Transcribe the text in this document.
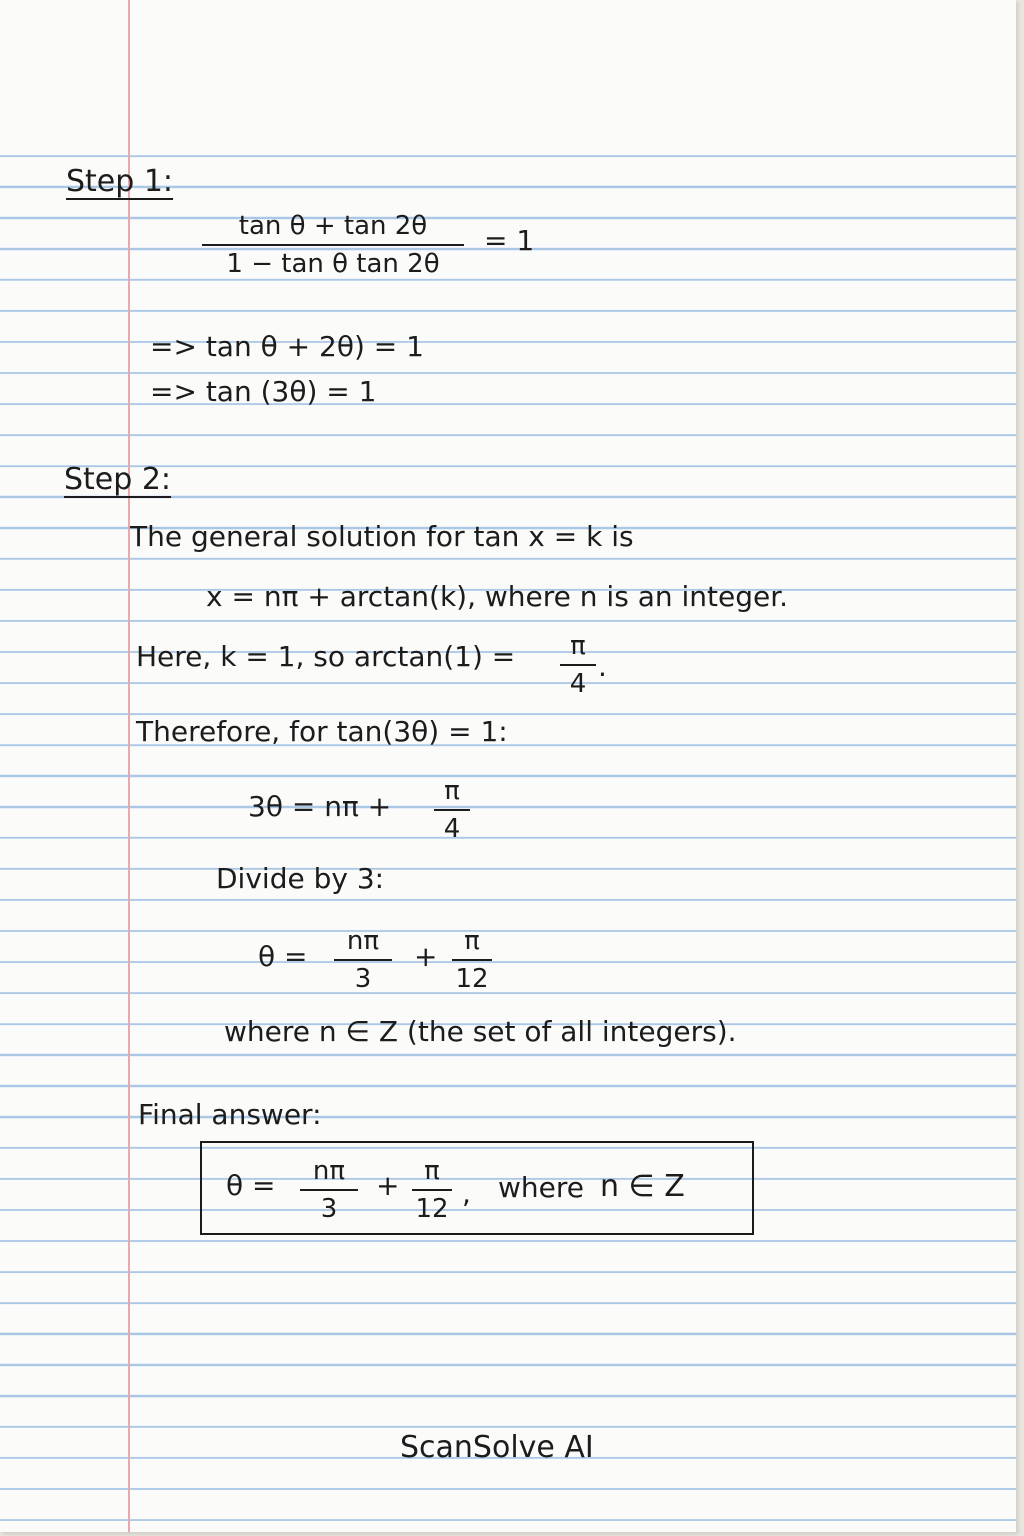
Step 1:
tan θ + tan 2θ
1 − tan θ tan 2θ
= 1
=> tan θ + 2θ) = 1
=> tan (3θ) = 1
Step 2:
The general solution for tan x = k is
x = nπ + arctan(k), where n is an integer.
Here, k = 1, so arctan(1) = π
4
.
Therefore, for tan(3θ) = 1:
3θ = nπ + π
4
Divide by 3:
θ = nπ
3
+ π
12
where n ∈ Z (the set of all integers).
Final answer:
θ = nπ
3
+ π
12 , where n ∈ Z
ScanSolve AI
